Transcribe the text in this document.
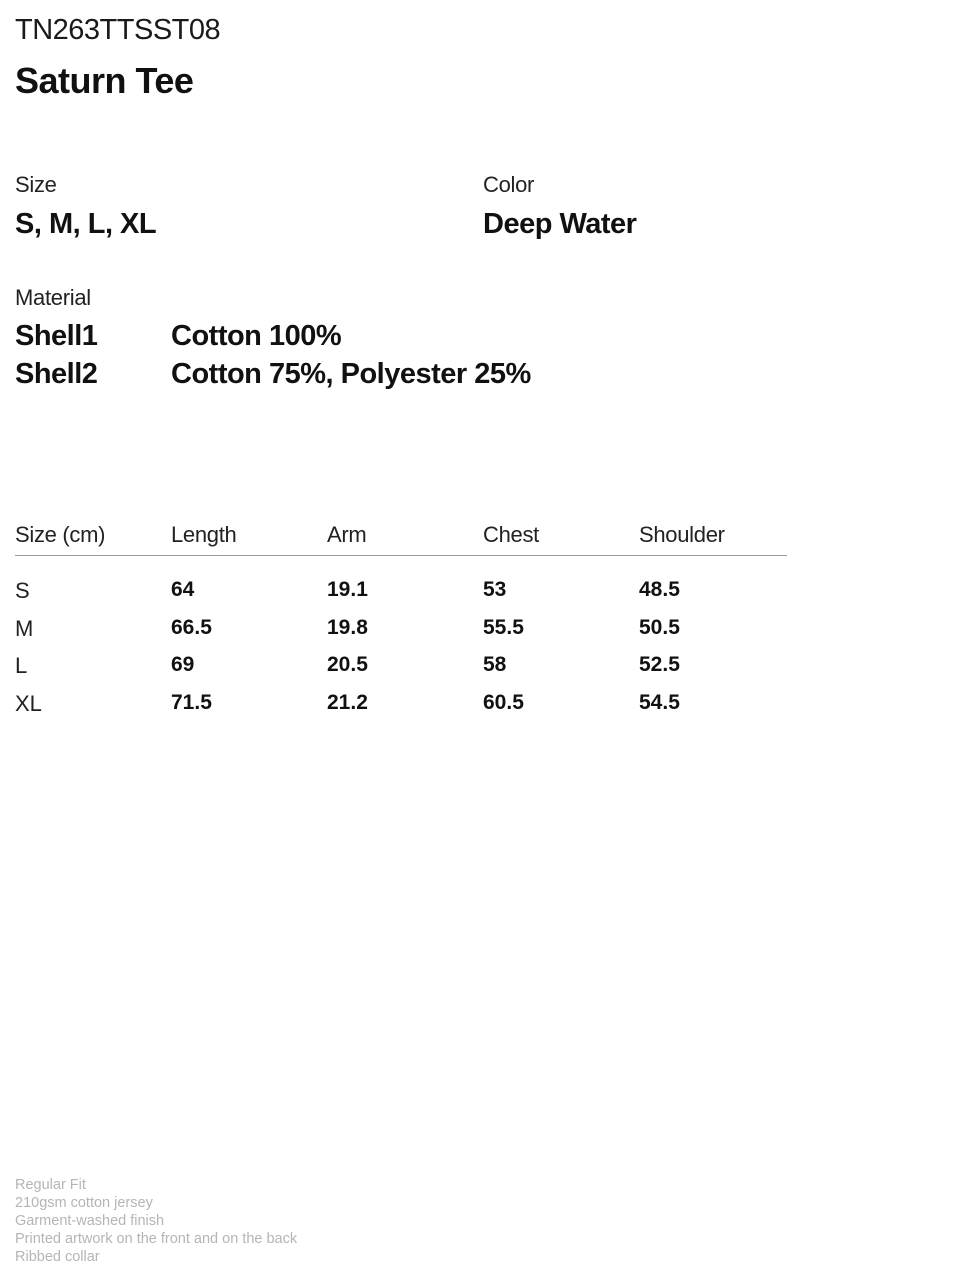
TN263TTSST08
Saturn Tee
Size
S, M, L, XL
Color
Deep Water
Material
Shell1	Cotton 100%
Shell2	Cotton 75%, Polyester 25%
Size (cm)	Length	Arm	Chest	Shoulder
S	64	19.1	53	48.5
M	66.5	19.8	55.5	50.5
L	69	20.5	58	52.5
XL	71.5	21.2	60.5	54.5
Regular Fit
210gsm cotton jersey
Garment-washed finish
Printed artwork on the front and on the back
Ribbed collar
